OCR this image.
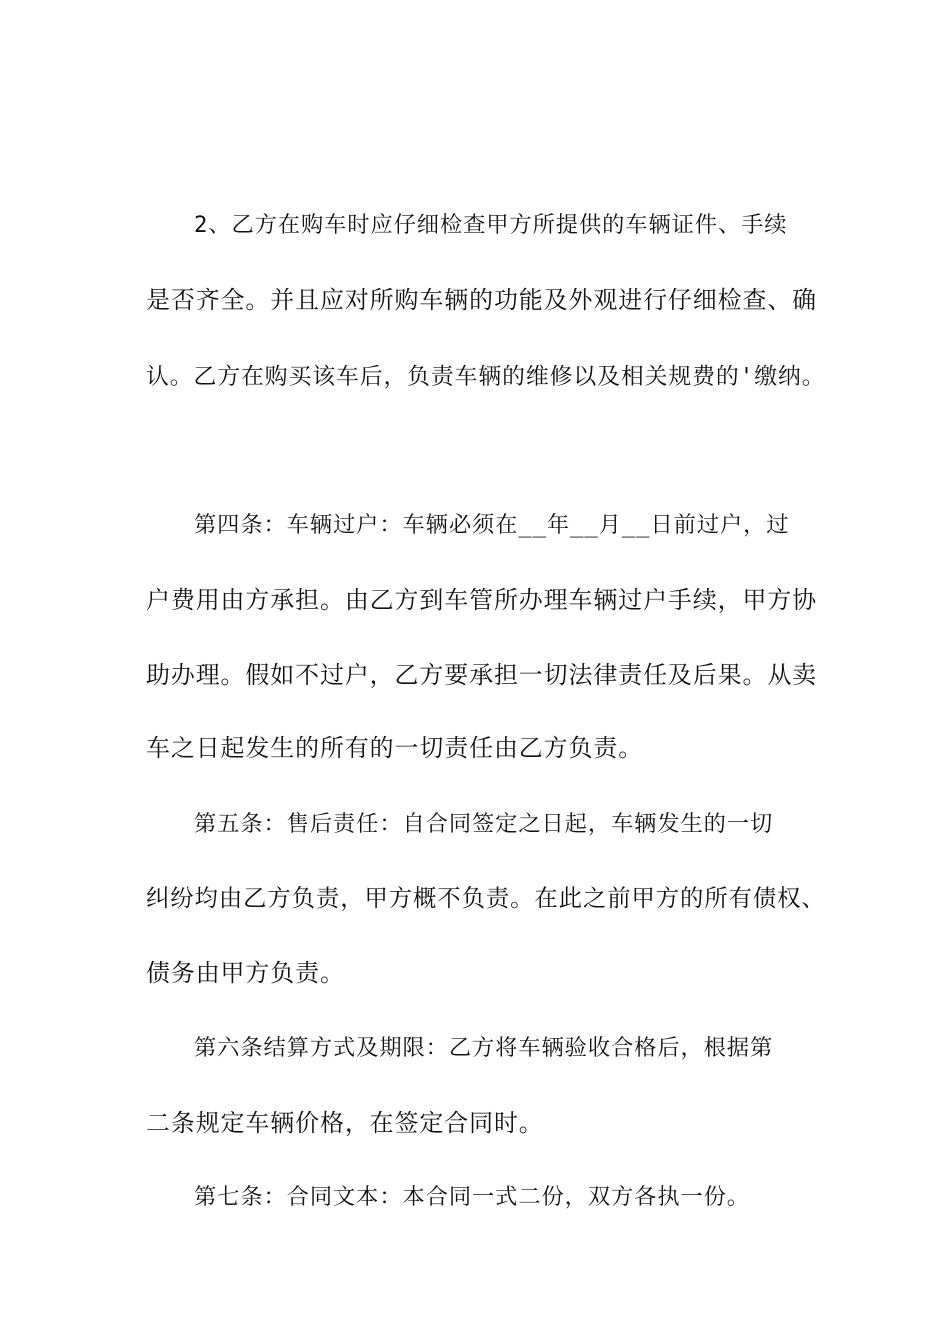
2、乙方在购车时应仔细检查甲方所提供的车辆证件、手续
是否齐全。并且应对所购车辆的功能及外观进行仔细检查、确
认。乙方在购买该车后，负责车辆的维修以及相关规费的'缴纳。
第四条：车辆过户：车辆必须在__年__月__日前过户，过
户费用由方承担。由乙方到车管所办理车辆过户手续，甲方协
助办理。假如不过户，乙方要承担一切法律责任及后果。从卖
车之日起发生的所有的一切责任由乙方负责。
第五条：售后责任：自合同签定之日起，车辆发生的一切
纠纷均由乙方负责，甲方概不负责。在此之前甲方的所有债权、
债务由甲方负责。
第六条结算方式及期限：乙方将车辆验收合格后，根据第
二条规定车辆价格，在签定合同时。
第七条：合同文本：本合同一式二份，双方各执一份。
